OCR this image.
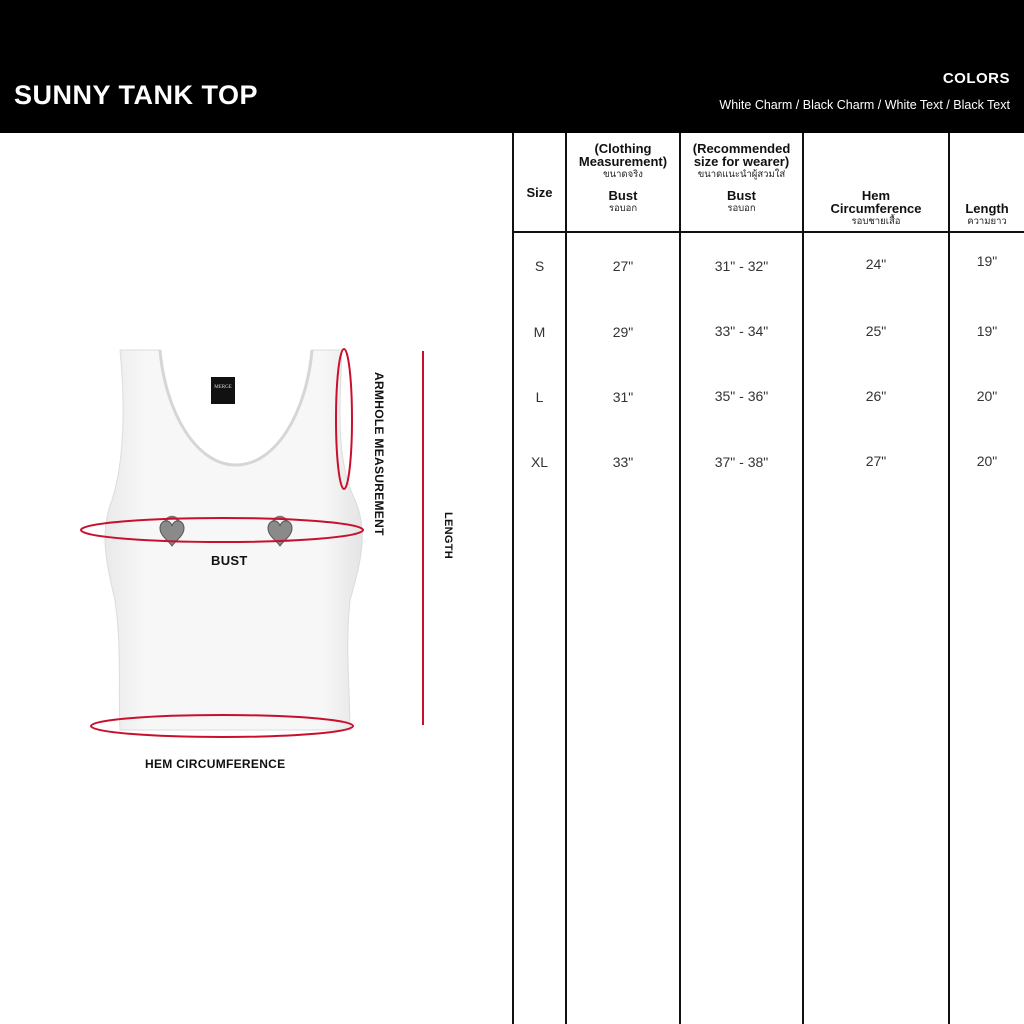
SUNNY TANK TOP
COLORS
White Charm / Black Charm / White Text / Black Text
MERGE
BUST
HEM CIRCUMFERENCE
ARMHOLE MEASUREMENT	LENGTH
Size
(Clothing Measurement)
ขนาดจริง
Bust
รอบอก
(Recommended size for wearer)
ขนาดแนะนำผู้สวมใส่
Bust
รอบอก
Hem Circumference
รอบชายเสื้อ
Length
ความยาว
S	27"	31" - 32"	24"	19"
M	29"	33" - 34"	25"	19"
L	31"	35" - 36"	26"	20"
XL	33"	37" - 38"	27"	20"
